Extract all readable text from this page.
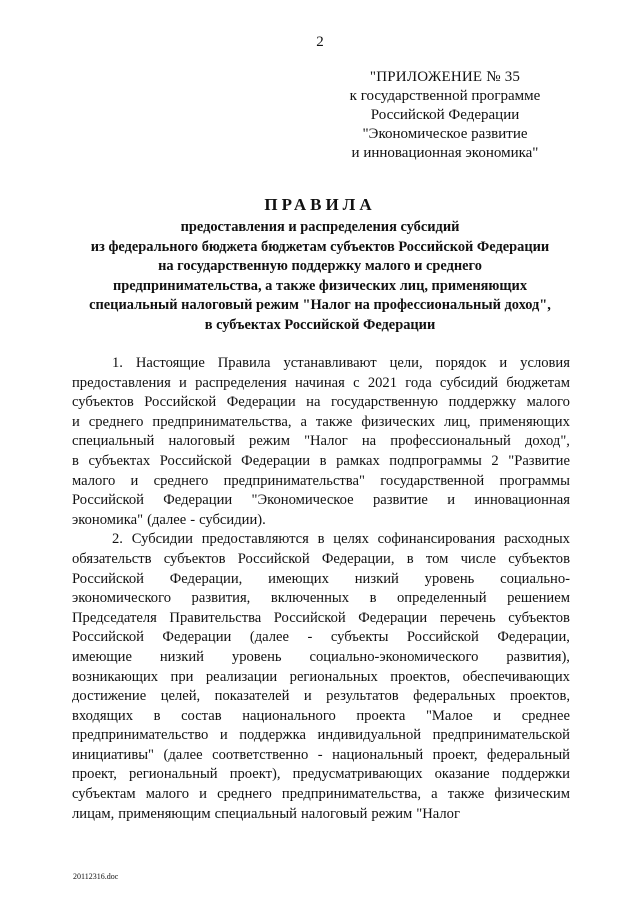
2
"ПРИЛОЖЕНИЕ № 35
к государственной программе
Российской Федерации
"Экономическое развитие
и инновационная экономика"
ПРАВИЛА
предоставления и распределения субсидий
из федерального бюджета бюджетам субъектов Российской Федерации
на государственную поддержку малого и среднего
предпринимательства, а также физических лиц, применяющих
специальный налоговый режим "Налог на профессиональный доход",
в субъектах Российской Федерации
1. Настоящие Правила устанавливают цели, порядок и условия
предоставления и распределения начиная с 2021 года субсидий бюджетам
субъектов Российской Федерации на государственную поддержку малого
и среднего предпринимательства, а также физических лиц, применяющих
специальный налоговый режим "Налог на профессиональный доход",
в субъектах Российской Федерации в рамках подпрограммы 2 "Развитие
малого и среднего предпринимательства" государственной программы
Российской Федерации "Экономическое развитие и инновационная
экономика" (далее - субсидии).
2. Субсидии предоставляются в целях софинансирования расходных
обязательств субъектов Российской Федерации, в том числе субъектов
Российской Федерации, имеющих низкий уровень социально-
экономического развития, включенных в определенный решением
Председателя Правительства Российской Федерации перечень субъектов
Российской Федерации (далее - субъекты Российской Федерации,
имеющие низкий уровень социально-экономического развития),
возникающих при реализации региональных проектов, обеспечивающих
достижение целей, показателей и результатов федеральных проектов,
входящих в состав национального проекта "Малое и среднее
предпринимательство и поддержка индивидуальной предпринимательской
инициативы" (далее соответственно - национальный проект, федеральный
проект, региональный проект), предусматривающих оказание поддержки
субъектам малого и среднего предпринимательства, а также физическим
лицам, применяющим специальный налоговый режим "Налог
20112316.doc
